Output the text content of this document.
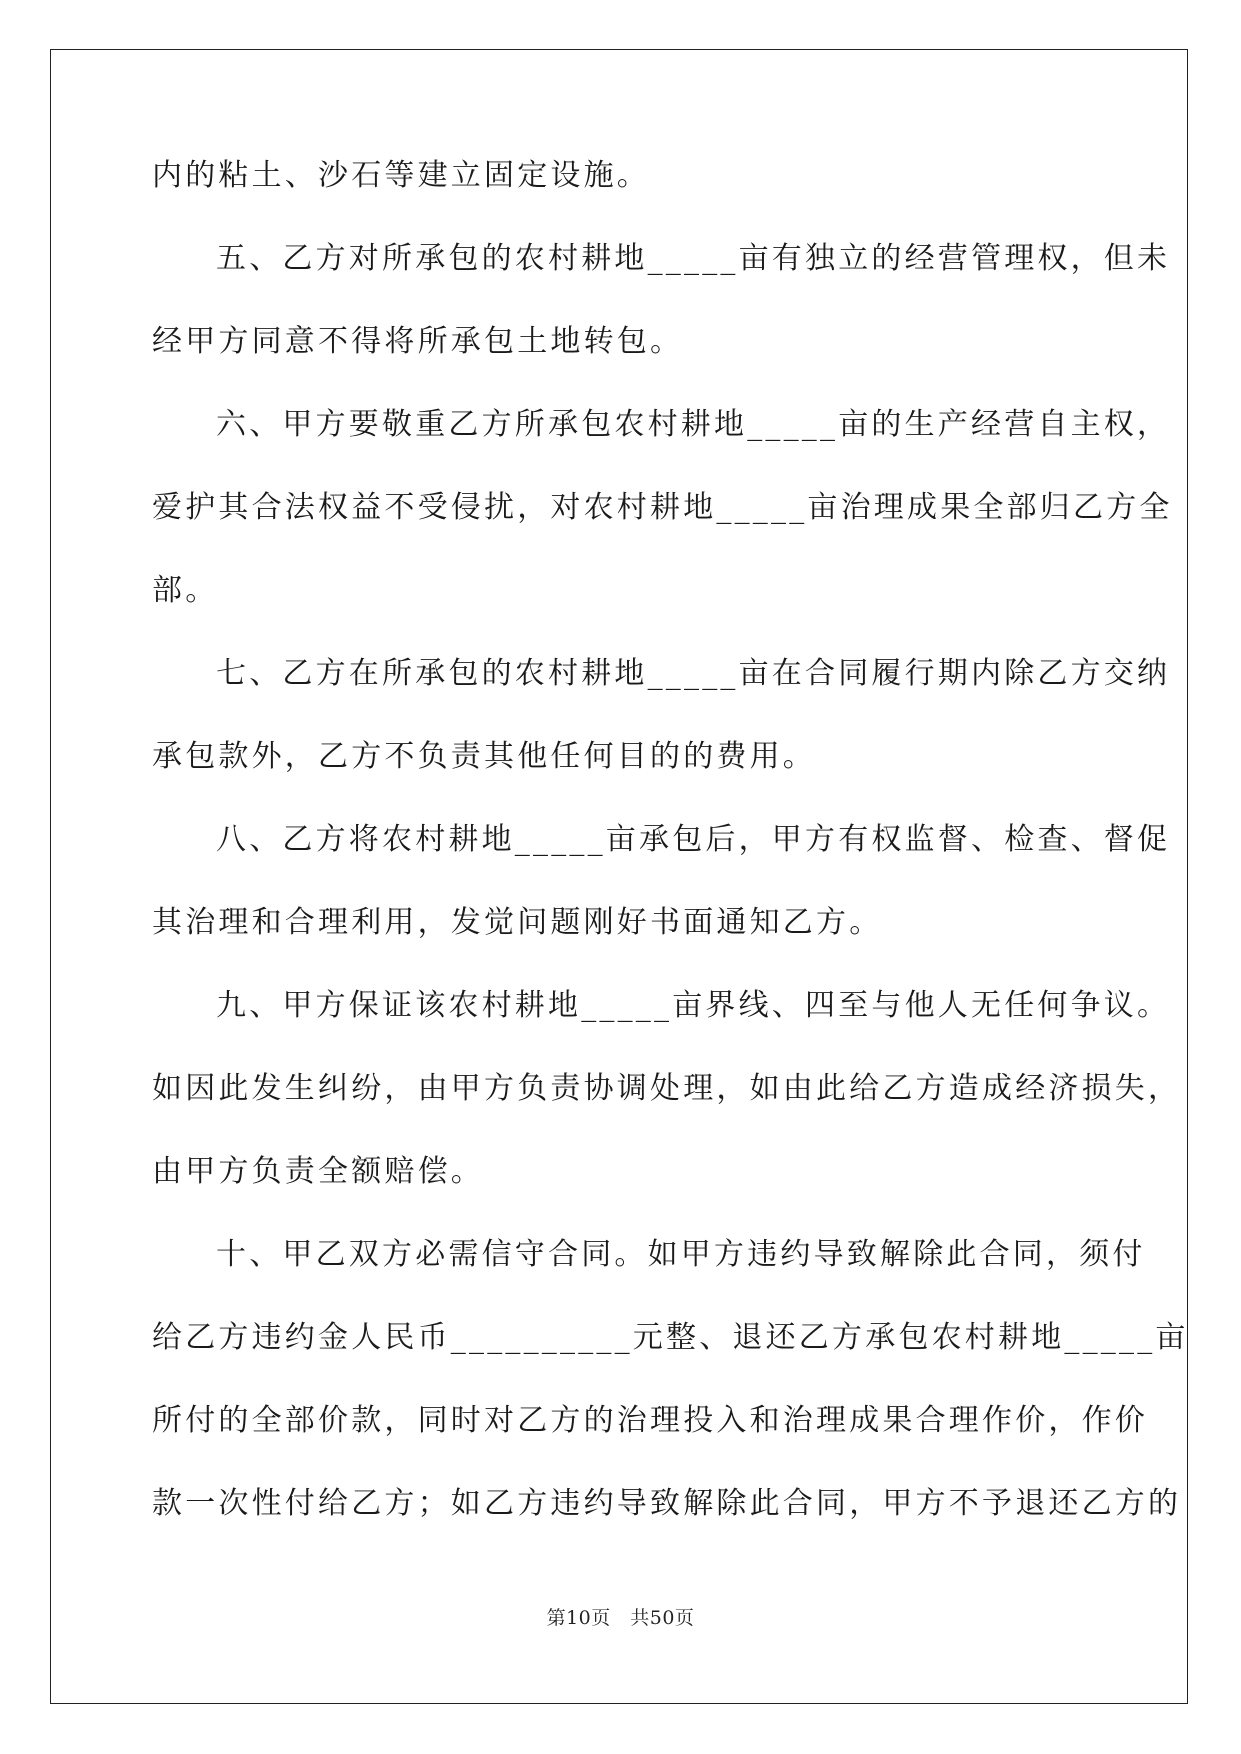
内的粘土、沙石等建立固定设施。
五、乙方对所承包的农村耕地_____亩有独立的经营管理权，但未
经甲方同意不得将所承包土地转包。
六、甲方要敬重乙方所承包农村耕地_____亩的生产经营自主权，
爱护其合法权益不受侵扰，对农村耕地_____亩治理成果全部归乙方全
部。
七、乙方在所承包的农村耕地_____亩在合同履行期内除乙方交纳
承包款外，乙方不负责其他任何目的的费用。
八、乙方将农村耕地_____亩承包后，甲方有权监督、检查、督促
其治理和合理利用，发觉问题刚好书面通知乙方。
九、甲方保证该农村耕地_____亩界线、四至与他人无任何争议。
如因此发生纠纷，由甲方负责协调处理，如由此给乙方造成经济损失，
由甲方负责全额赔偿。
十、甲乙双方必需信守合同。如甲方违约导致解除此合同，须付
给乙方违约金人民币__________元整、退还乙方承包农村耕地_____亩
所付的全部价款，同时对乙方的治理投入和治理成果合理作价，作价
款一次性付给乙方；如乙方违约导致解除此合同，甲方不予退还乙方的
第10页　共50页
